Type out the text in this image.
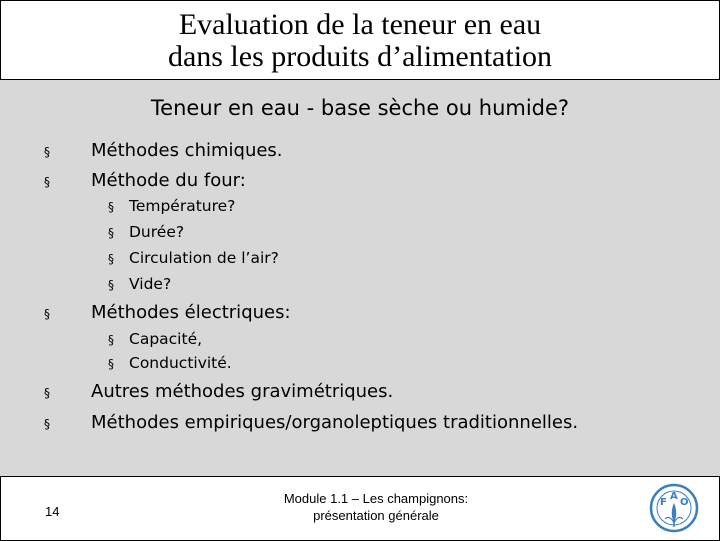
Evaluation de la teneur en eau
dans les produits d’alimentation
Teneur en eau - base sèche ou humide?
§ Méthodes chimiques.
§ Méthode du four:
§ Température?
§ Durée?
§ Circulation de l’air?
§ Vide?
§ Méthodes électriques:
§ Capacité,
§ Conductivité.
§ Autres méthodes gravimétriques.
§ Méthodes empiriques/organoleptiques traditionnelles.
14
Module 1.1 – Les champignons:
présentation générale
F
A
O
